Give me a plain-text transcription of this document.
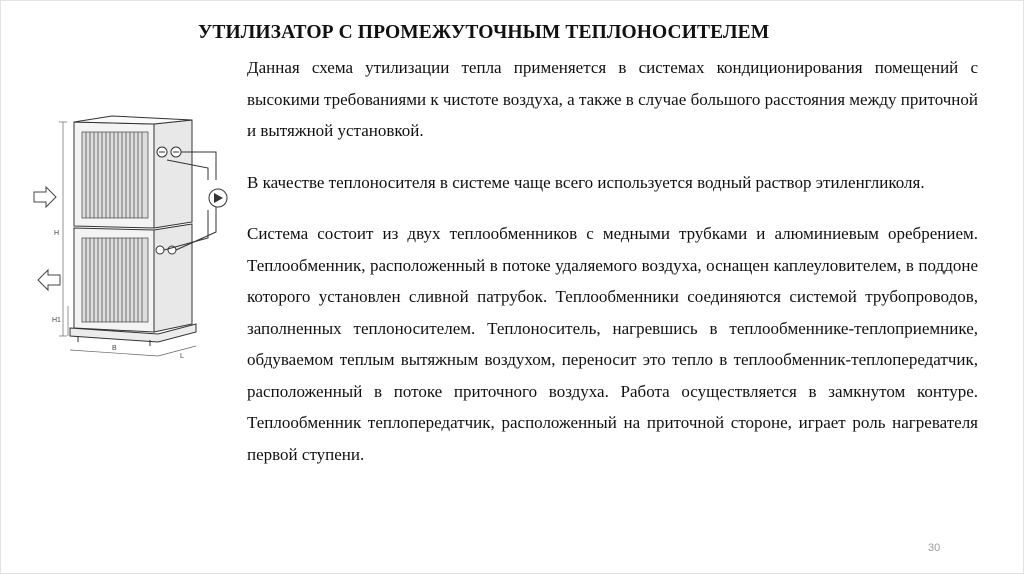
УТИЛИЗАТОР С ПРОМЕЖУТОЧНЫМ ТЕПЛОНОСИТЕЛЕМ
H
H1
B
L

Данная схема утилизации тепла применяется в системах кондиционирования помещений с высокими требованиями к чистоте воздуха, а также в случае большого расстояния между приточной и вытяжной установкой.

В качестве теплоносителя в системе чаще всего используется водный раствор этиленгликоля.

Система состоит из двух теплообменников с медными трубками и алюминиевым оребрением. Теплообменник, расположенный в потоке удаляемого воздуха, оснащен каплеуловителем, в поддоне которого установлен сливной патрубок. Теплообменники соединяются системой трубопроводов, заполненных теплоносителем. Теплоноситель, нагревшись в теплообменнике-теплоприемнике, обдуваемом теплым вытяжным воздухом, переносит это тепло в теплообменник-теплопередатчик, расположенный в потоке приточного воздуха. Работа осуществляется в замкнутом контуре. Теплообменник теплопередатчик, расположенный на приточной стороне, играет роль нагревателя первой ступени.

30
